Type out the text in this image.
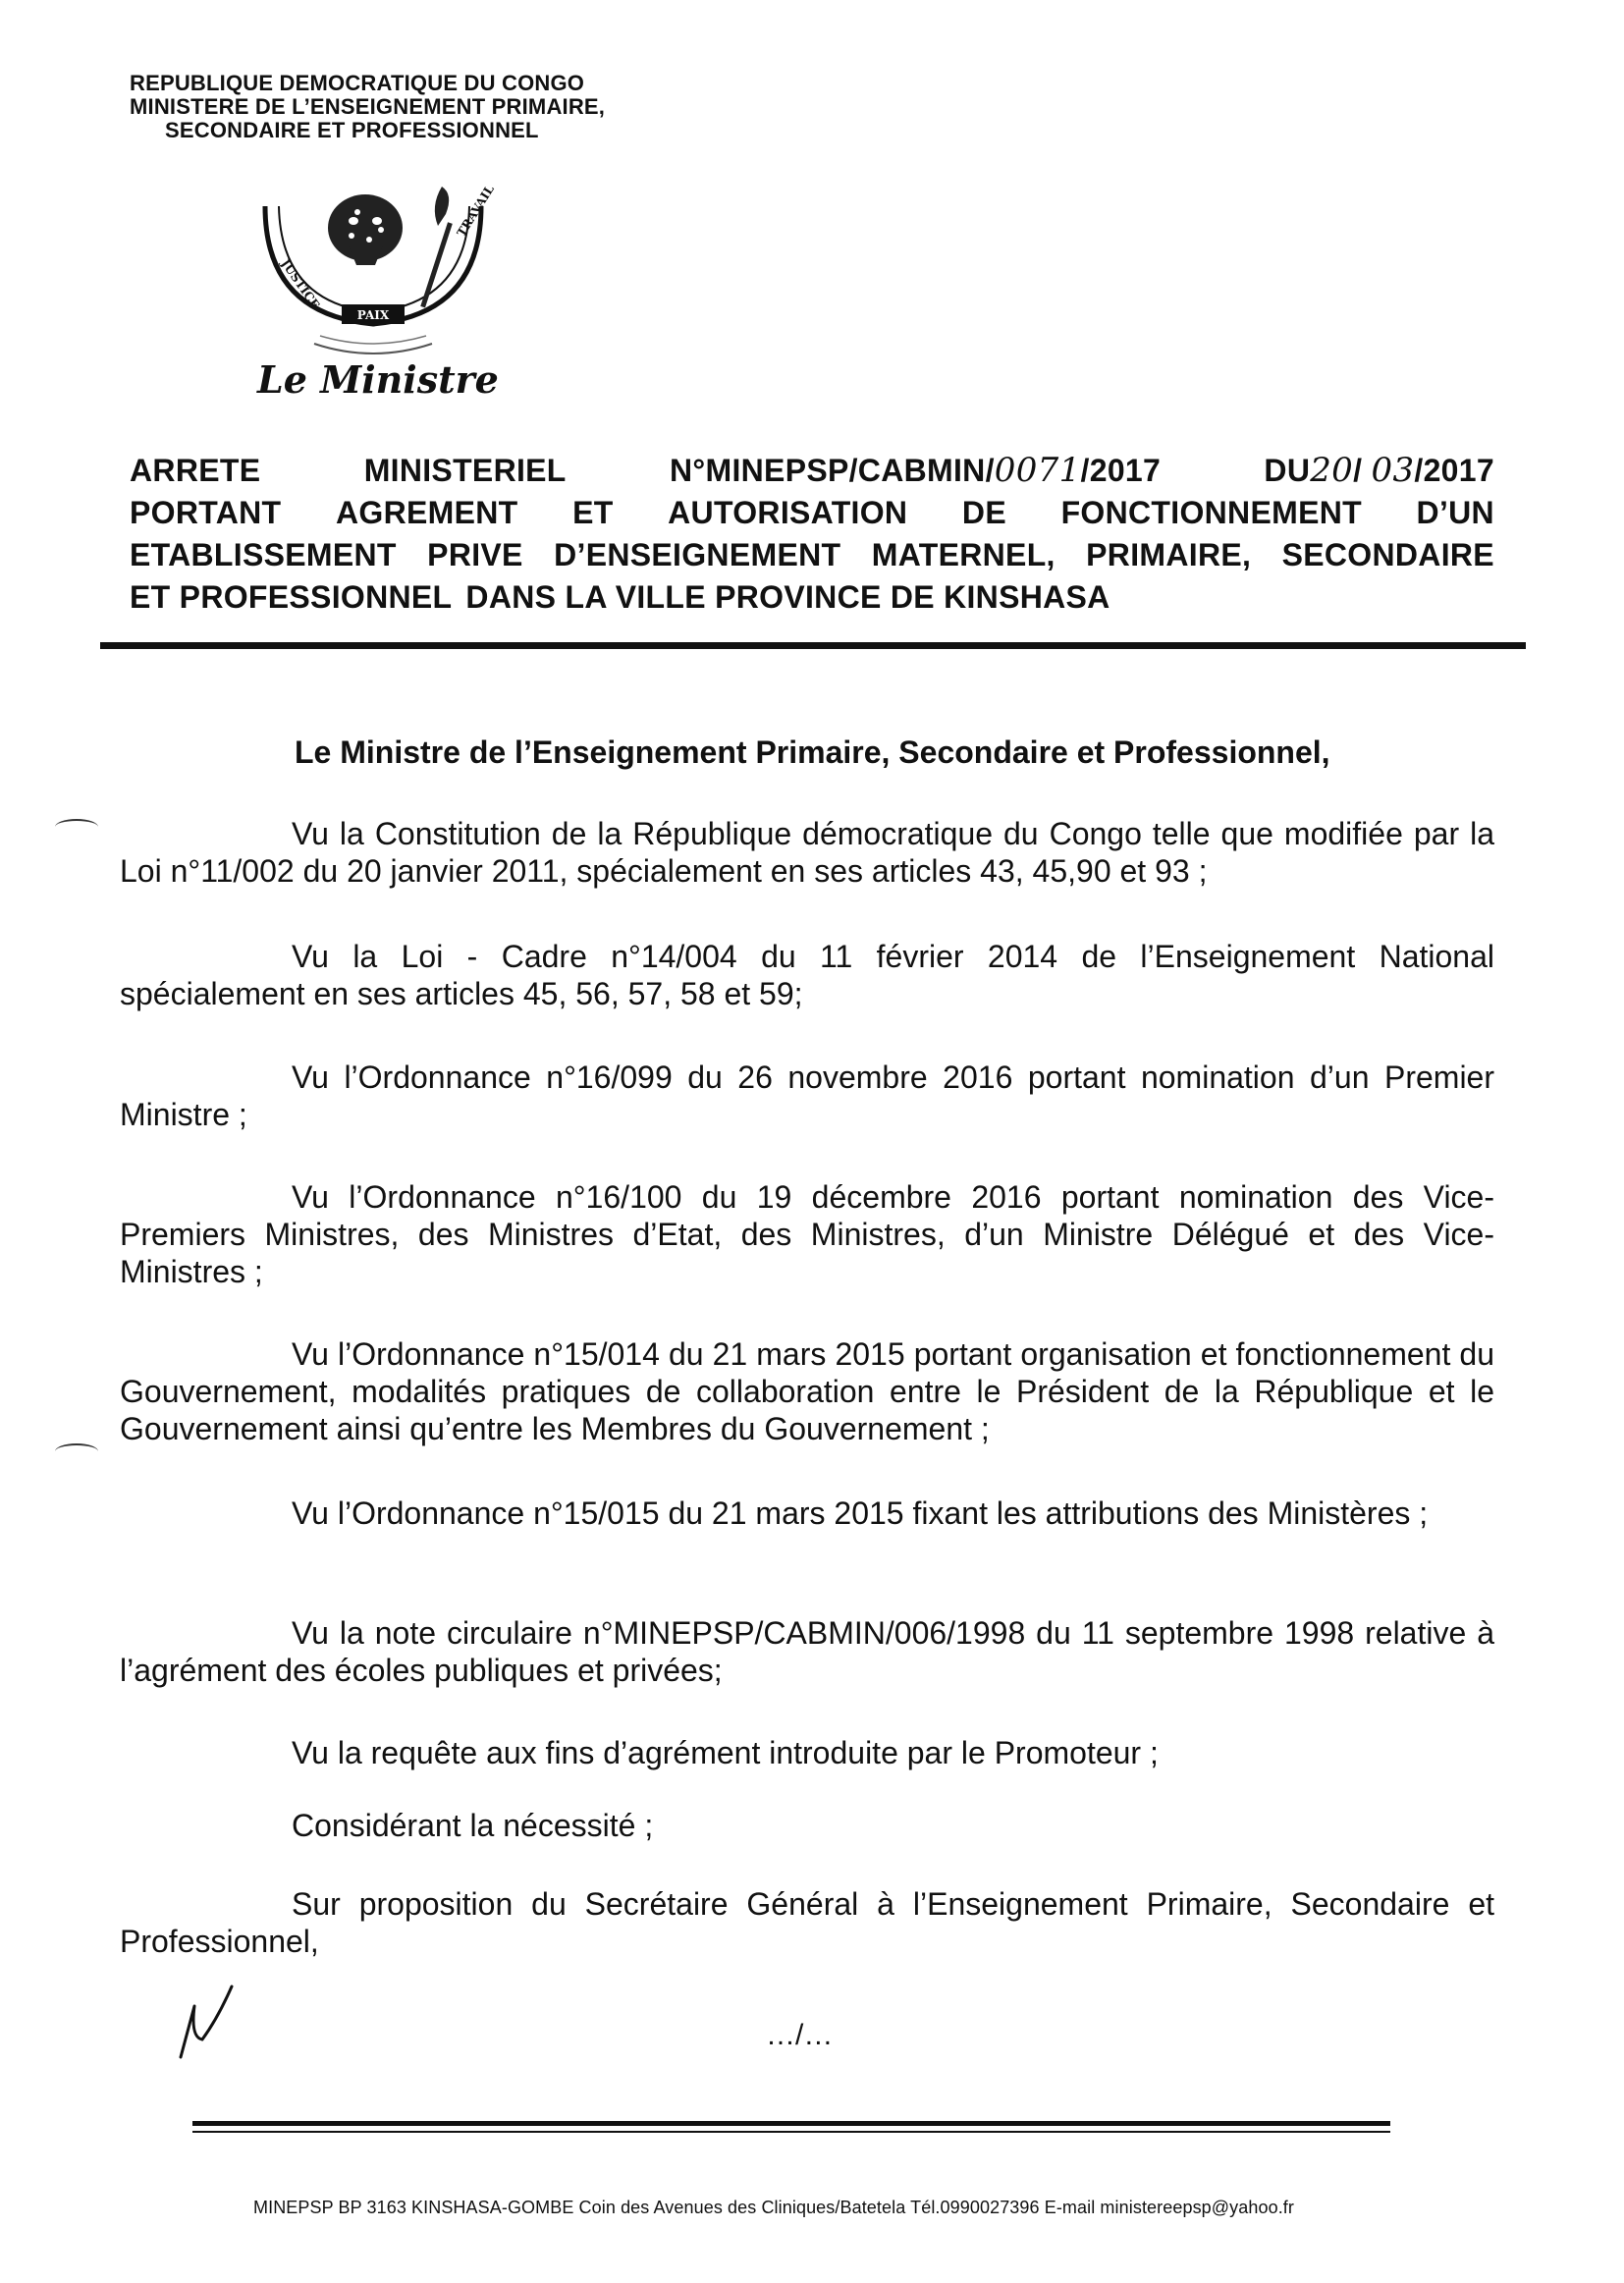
REPUBLIQUE DEMOCRATIQUE DU CONGO
MINISTERE DE L’ENSEIGNEMENT PRIMAIRE,
SECONDAIRE ET PROFESSIONNEL
PAIX
JUSTICE
TRAVAIL
Le Ministre
ARRETE	MINISTERIEL	N°MINEPSP/CABMIN/0071/2017	DU20/ 03/2017
PORTANT AGREMENT ET AUTORISATION DE FONCTIONNEMENT D’UN
ETABLISSEMENT PRIVE D’ENSEIGNEMENT MATERNEL, PRIMAIRE, SECONDAIRE
ET PROFESSIONNEL DANS LA VILLE PROVINCE DE KINSHASA
Le Ministre de l’Enseignement Primaire, Secondaire et Professionnel,
Vu la Constitution de la République démocratique du Congo telle que modifiée par la Loi n°11/002 du 20 janvier 2011, spécialement en ses articles 43, 45,90 et 93 ;
Vu la Loi - Cadre n°14/004 du 11 février 2014 de l’Enseignement National spécialement en ses articles 45, 56, 57, 58 et 59;
Vu l’Ordonnance n°16/099 du 26 novembre 2016 portant nomination d’un Premier Ministre ;
Vu l’Ordonnance n°16/100 du 19 décembre 2016 portant nomination des Vice-Premiers Ministres, des Ministres d’Etat, des Ministres, d’un Ministre Délégué et des Vice-Ministres ;
Vu l’Ordonnance n°15/014 du 21 mars 2015 portant organisation et fonctionnement du Gouvernement, modalités pratiques de collaboration entre le Président de la République et le Gouvernement ainsi qu’entre les Membres du Gouvernement ;
Vu l’Ordonnance n°15/015 du 21 mars 2015 fixant les attributions des Ministères ;
Vu la note circulaire n°MINEPSP/CABMIN/006/1998 du 11 septembre 1998 relative à l’agrément des écoles publiques et privées;
Vu la requête aux fins d’agrément introduite par le Promoteur ;
Considérant la nécessité ;
Sur proposition du Secrétaire Général à l’Enseignement Primaire, Secondaire et Professionnel,
…/…
MINEPSP BP 3163 KINSHASA-GOMBE Coin des Avenues des Cliniques/Batetela Tél.0990027396 E-mail ministereepsp@yahoo.fr
